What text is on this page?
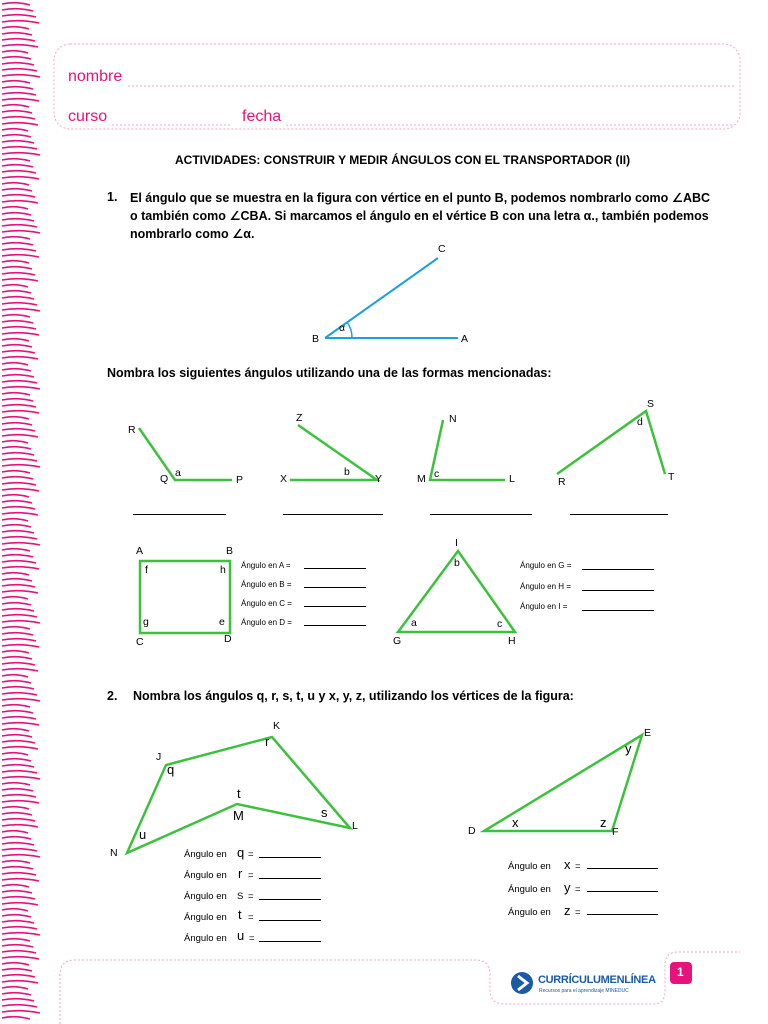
nombre
curso	fecha
ACTIVIDADES: CONSTRUIR Y MEDIR ÁNGULOS CON EL TRANSPORTADOR (II)
1. El ángulo que se muestra en la figura con vértice en el punto B, podemos nombrarlo como ∠ABC
o también como ∠CBA. Si marcamos el ángulo en el vértice B con una letra α., también podemos
nombrarlo como ∠α.
B	A
C
α
Nombra los siguientes ángulos utilizando una de las formas mencionadas:
R
Q	P
a
Z
X	Y
b
N
M	L
c
S
R	T
d
A	B
C	D
f	h
g	e
Ángulo en A =
Ángulo en B =
Ángulo en C =
Ángulo en D =
I
G	H
a
b
c
Ángulo en G =
Ángulo en H =
Ángulo en I =
2. Nombra los ángulos q, r, s, t, u y x, y, z, utilizando los vértices de la figura:
J
K
L
M
N
q
r
s
t
u	D
E
F
x
y
z
Ángulo en q =
Ángulo en r =
Ángulo en S =
Ángulo en t =
Ángulo en u =
Ángulo en x =
Ángulo en y =
Ángulo en z =
CURRÍCULUMENLÍNEA
Recursos para el aprendizaje MINEDUC
1
